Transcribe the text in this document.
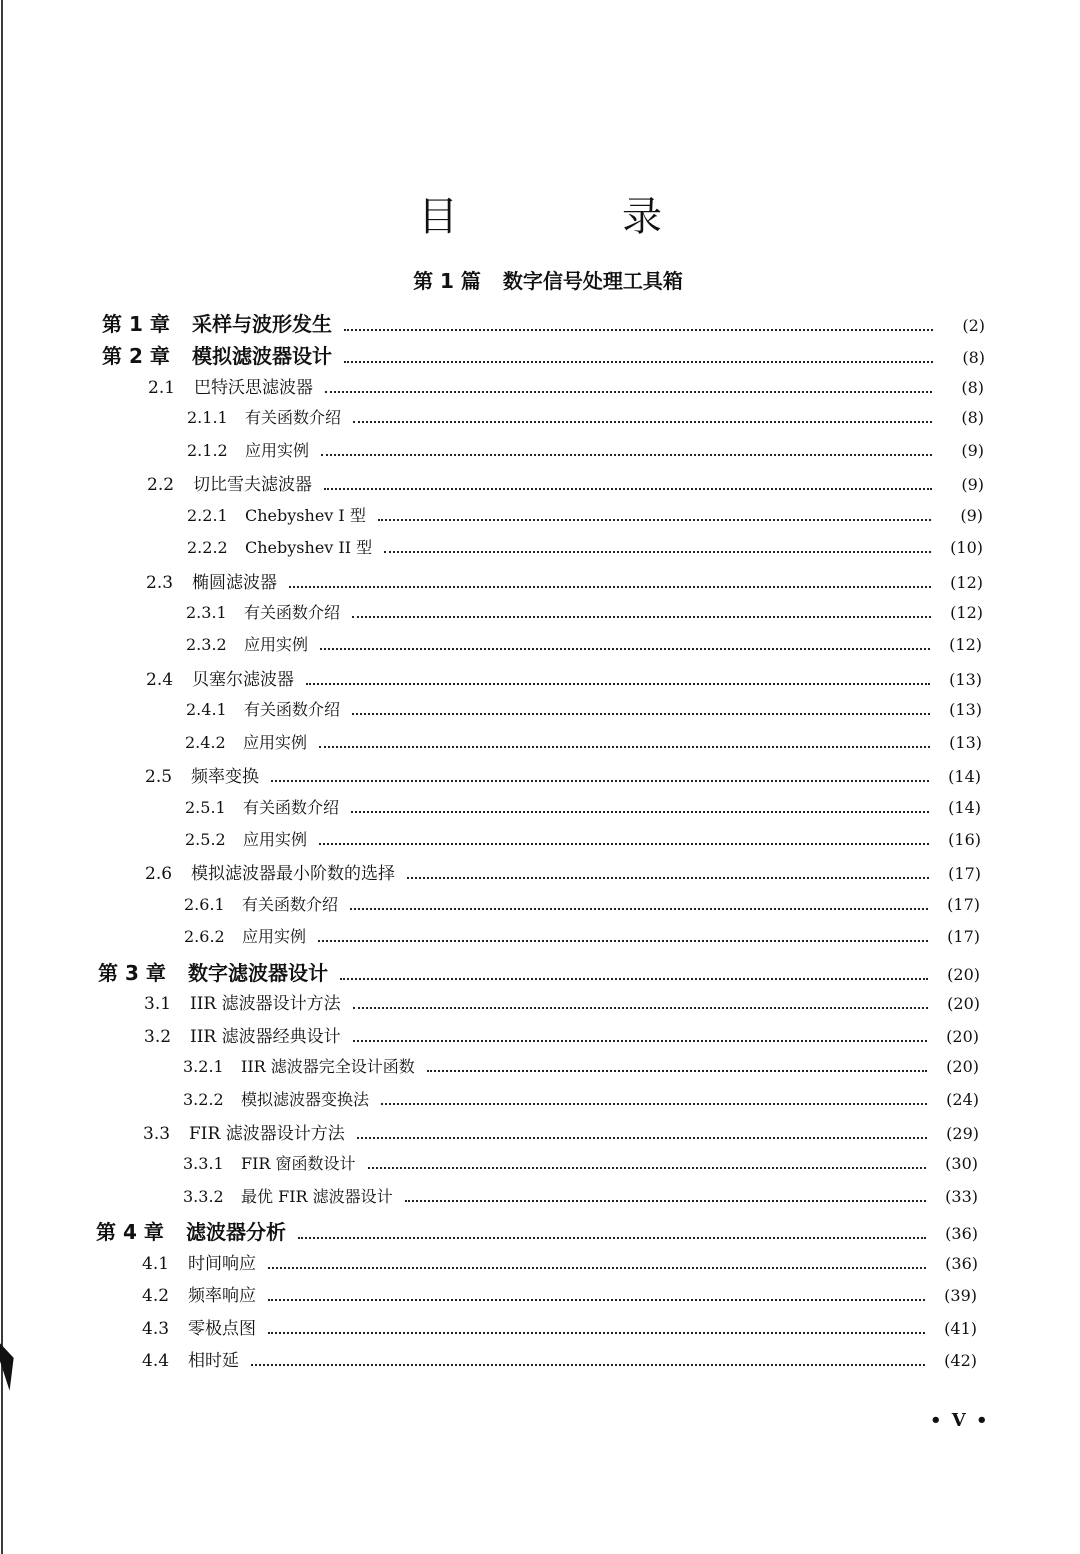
目　录
第 1 篇 数字信号处理工具箱
第 1 章	采样与波形发生	(2)
第 2 章	模拟滤波器设计	(8)
2.1	巴特沃思滤波器	(8)
2.1.1	有关函数介绍	(8)
2.1.2	应用实例	(9)
2.2	切比雪夫滤波器	(9)
2.2.1	Chebyshev I 型	(9)
2.2.2	Chebyshev II 型	(10)
2.3	椭圆滤波器	(12)
2.3.1	有关函数介绍	(12)
2.3.2	应用实例	(12)
2.4	贝塞尔滤波器	(13)
2.4.1	有关函数介绍	(13)
2.4.2	应用实例	(13)
2.5	频率变换	(14)
2.5.1	有关函数介绍	(14)
2.5.2	应用实例	(16)
2.6	模拟滤波器最小阶数的选择	(17)
2.6.1	有关函数介绍	(17)
2.6.2	应用实例	(17)
第 3 章	数字滤波器设计	(20)
3.1	IIR 滤波器设计方法	(20)
3.2	IIR 滤波器经典设计	(20)
3.2.1	IIR 滤波器完全设计函数	(20)
3.2.2	模拟滤波器变换法	(24)
3.3	FIR 滤波器设计方法	(29)
3.3.1	FIR 窗函数设计	(30)
3.3.2	最优 FIR 滤波器设计	(33)
第 4 章	滤波器分析	(36)
4.1	时间响应	(36)
4.2	频率响应	(39)
4.3	零极点图	(41)
4.4	相时延	(42)
• V •
